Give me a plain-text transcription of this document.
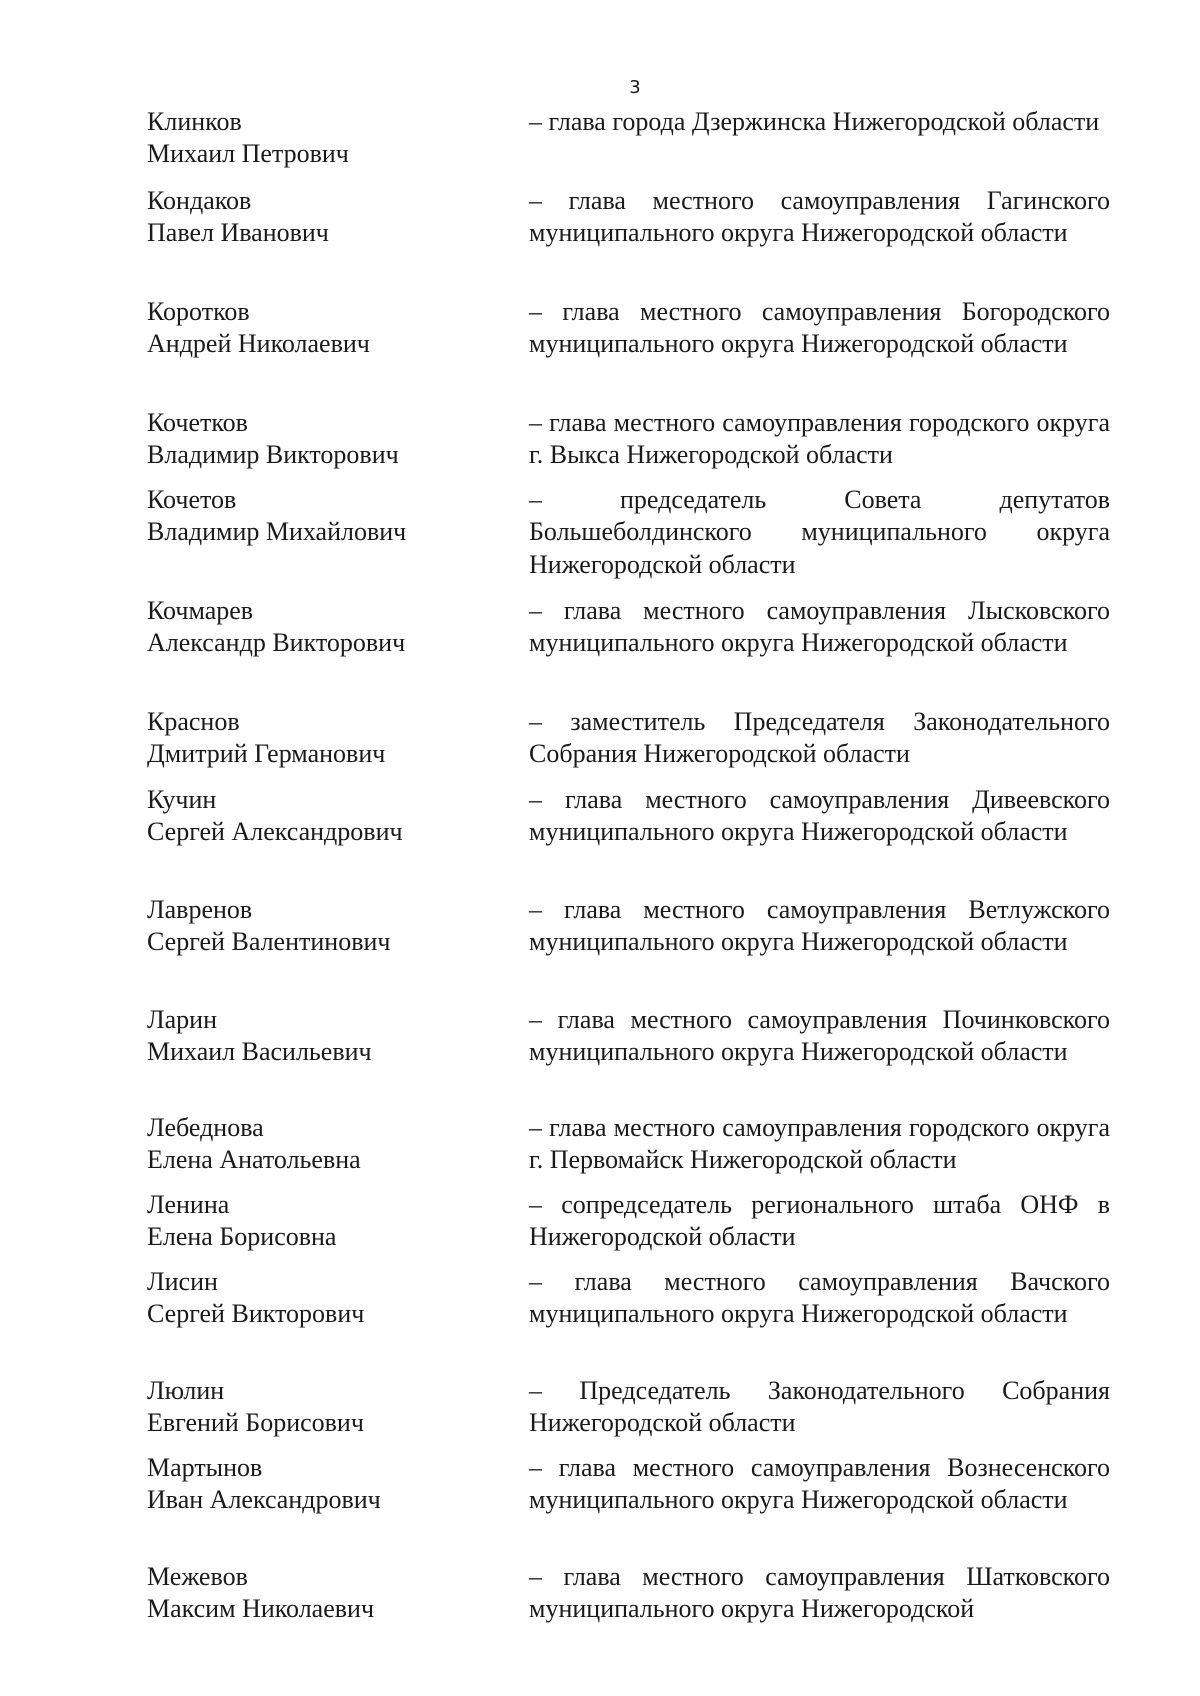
3
Клинков
Михаил Петрович
– глава города Дзержинска Нижегородской области
Кондаков
Павел Иванович
– глава местного самоуправления Гагинского муниципального округа Нижегородской области
Коротков
Андрей Николаевич
– глава местного самоуправления Богородского муниципального округа Нижегородской области
Кочетков
Владимир Викторович
– глава местного самоуправления городского округа г. Выкса Нижегородской области
Кочетов
Владимир Михайлович
– председатель Совета депутатов Большеболдинского муниципального округа Нижегородской области
Кочмарев
Александр Викторович
– глава местного самоуправления Лысковского муниципального округа Нижегородской области
Краснов
Дмитрий Германович
– заместитель Председателя Законодательного Собрания Нижегородской области
Кучин
Сергей Александрович
– глава местного самоуправления Дивеевского муниципального округа Нижегородской области
Лавренов
Сергей Валентинович
– глава местного самоуправления Ветлужского муниципального округа Нижегородской области
Ларин
Михаил Васильевич
– глава местного самоуправления Починковского муниципального округа Нижегородской области
Лебеднова
Елена Анатольевна
– глава местного самоуправления городского округа г. Первомайск Нижегородской области
Ленина
Елена Борисовна
– сопредседатель регионального штаба ОНФ в Нижегородской области
Лисин
Сергей Викторович
– глава местного самоуправления Вачского муниципального округа Нижегородской области
Люлин
Евгений Борисович
– Председатель Законодательного Собрания Нижегородской области
Мартынов
Иван Александрович
– глава местного самоуправления Вознесенского муниципального округа Нижегородской области
Межевов
Максим Николаевич
– глава местного самоуправления Шатковского муниципального округа Нижегородской
